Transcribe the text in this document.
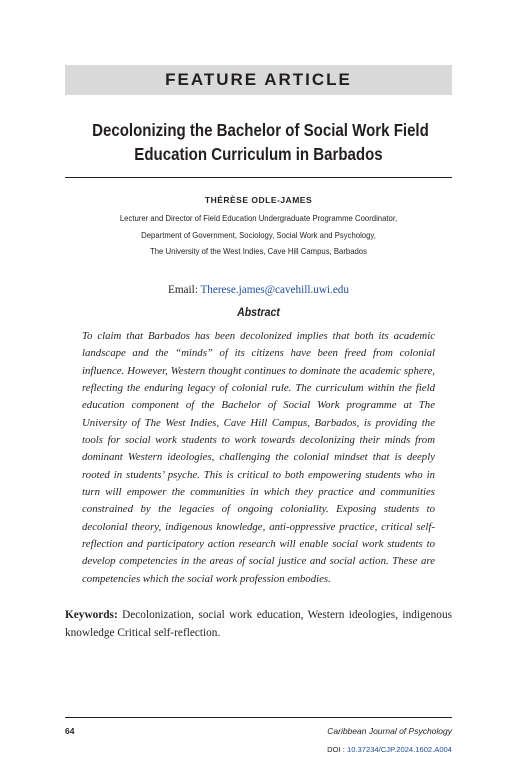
FEATURE ARTICLE
Decolonizing the Bachelor of Social Work Field
Education Curriculum in Barbados
THÉRÈSE ODLE-JAMES
Lecturer and Director of Field Education Undergraduate Programme Coordinator,
Department of Government, Sociology, Social Work and Psychology,
The University of the West Indies, Cave Hill Campus, Barbados
Email: Therese.james@cavehill.uwi.edu
Abstract
To claim that Barbados has been decolonized implies that both its academic landscape and the “minds” of its citizens have been freed from colonial influence. However, Western thought continues to dominate the academic sphere, reflecting the enduring legacy of colonial rule. The curriculum within the field education component of the Bachelor of Social Work programme at The University of The West Indies, Cave Hill Campus, Barbados, is providing the tools for social work students to work towards decolonizing their minds from dominant Western ideologies, challenging the colonial mindset that is deeply rooted in students’ psyche. This is critical to both empowering students who in turn will empower the communities in which they practice and communities constrained by the legacies of ongoing coloniality. Exposing students to decolonial theory, indigenous knowledge, anti-oppressive practice, critical self-reflection and participatory action research will enable social work students to develop competencies in the areas of social justice and social action. These are competencies which the social work profession embodies.
Keywords: Decolonization, social work education, Western ideologies, indigenous knowledge Critical self-reflection.
64	Caribbean Journal of Psychology
DOI : 10.37234/CJP.2024.1602.A004
